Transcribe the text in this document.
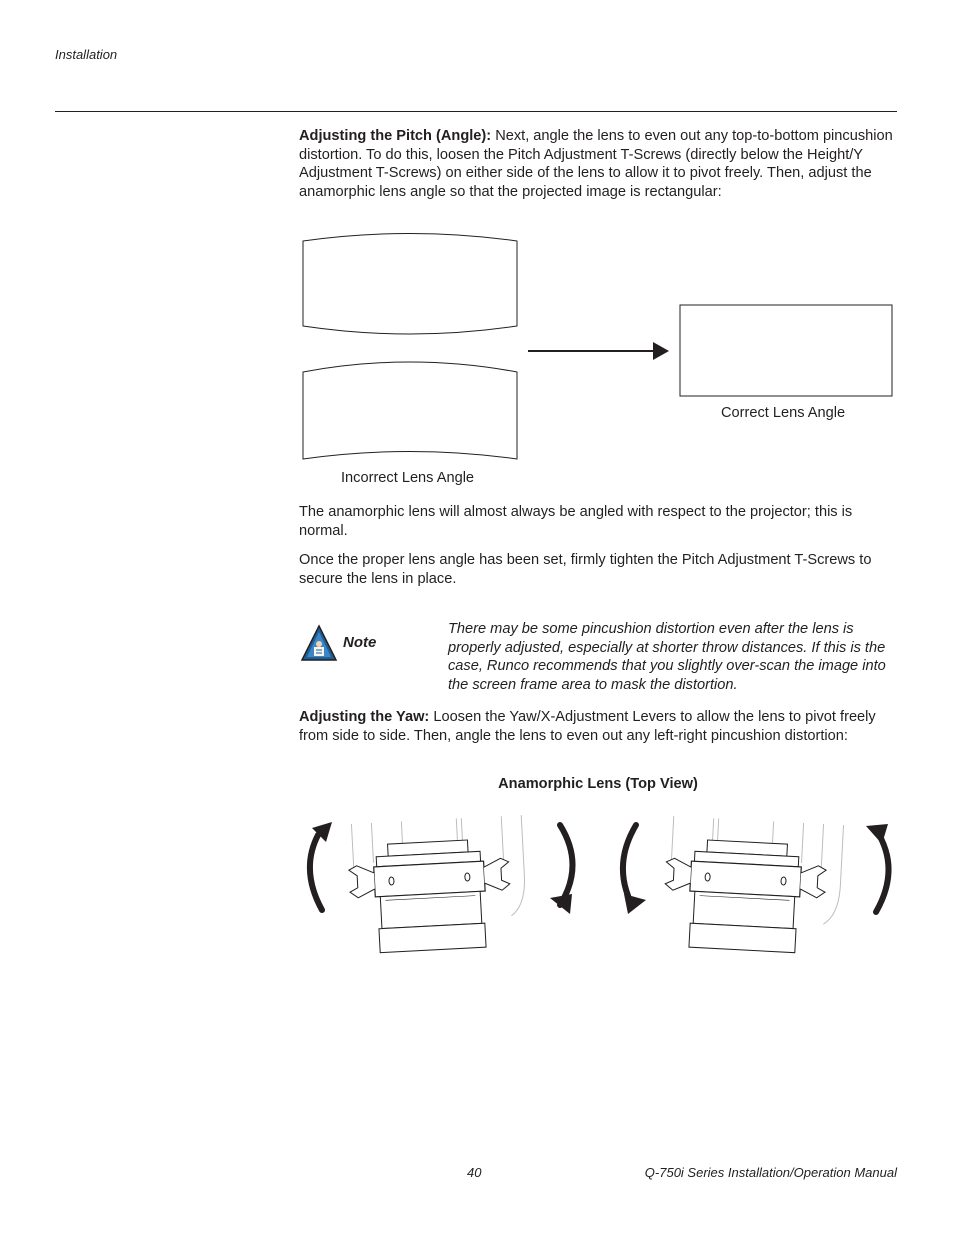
Installation
Adjusting the Pitch (Angle): Next, angle the lens to even out any top-to-bottom pincushion distortion. To do this, loosen the Pitch Adjustment T-Screws (directly below the Height/Y Adjustment T-Screws) on either side of the lens to allow it to pivot freely. Then, adjust the anamorphic lens angle so that the projected image is rectangular:
Correct Lens Angle
Incorrect Lens Angle
The anamorphic lens will almost always be angled with respect to the projector; this is normal.
Once the proper lens angle has been set, firmly tighten the Pitch Adjustment T-Screws to secure the lens in place.
Note
There may be some pincushion distortion even after the lens is properly adjusted, especially at shorter throw distances. If this is the case, Runco recommends that you slightly over-scan the image into the screen frame area to mask the distortion.
Adjusting the Yaw: Loosen the Yaw/X-Adjustment Levers to allow the lens to pivot freely from side to side. Then, angle the lens to even out any left-right pincushion distortion:
Anamorphic Lens (Top View)
40	Q-750i Series Installation/Operation Manual
